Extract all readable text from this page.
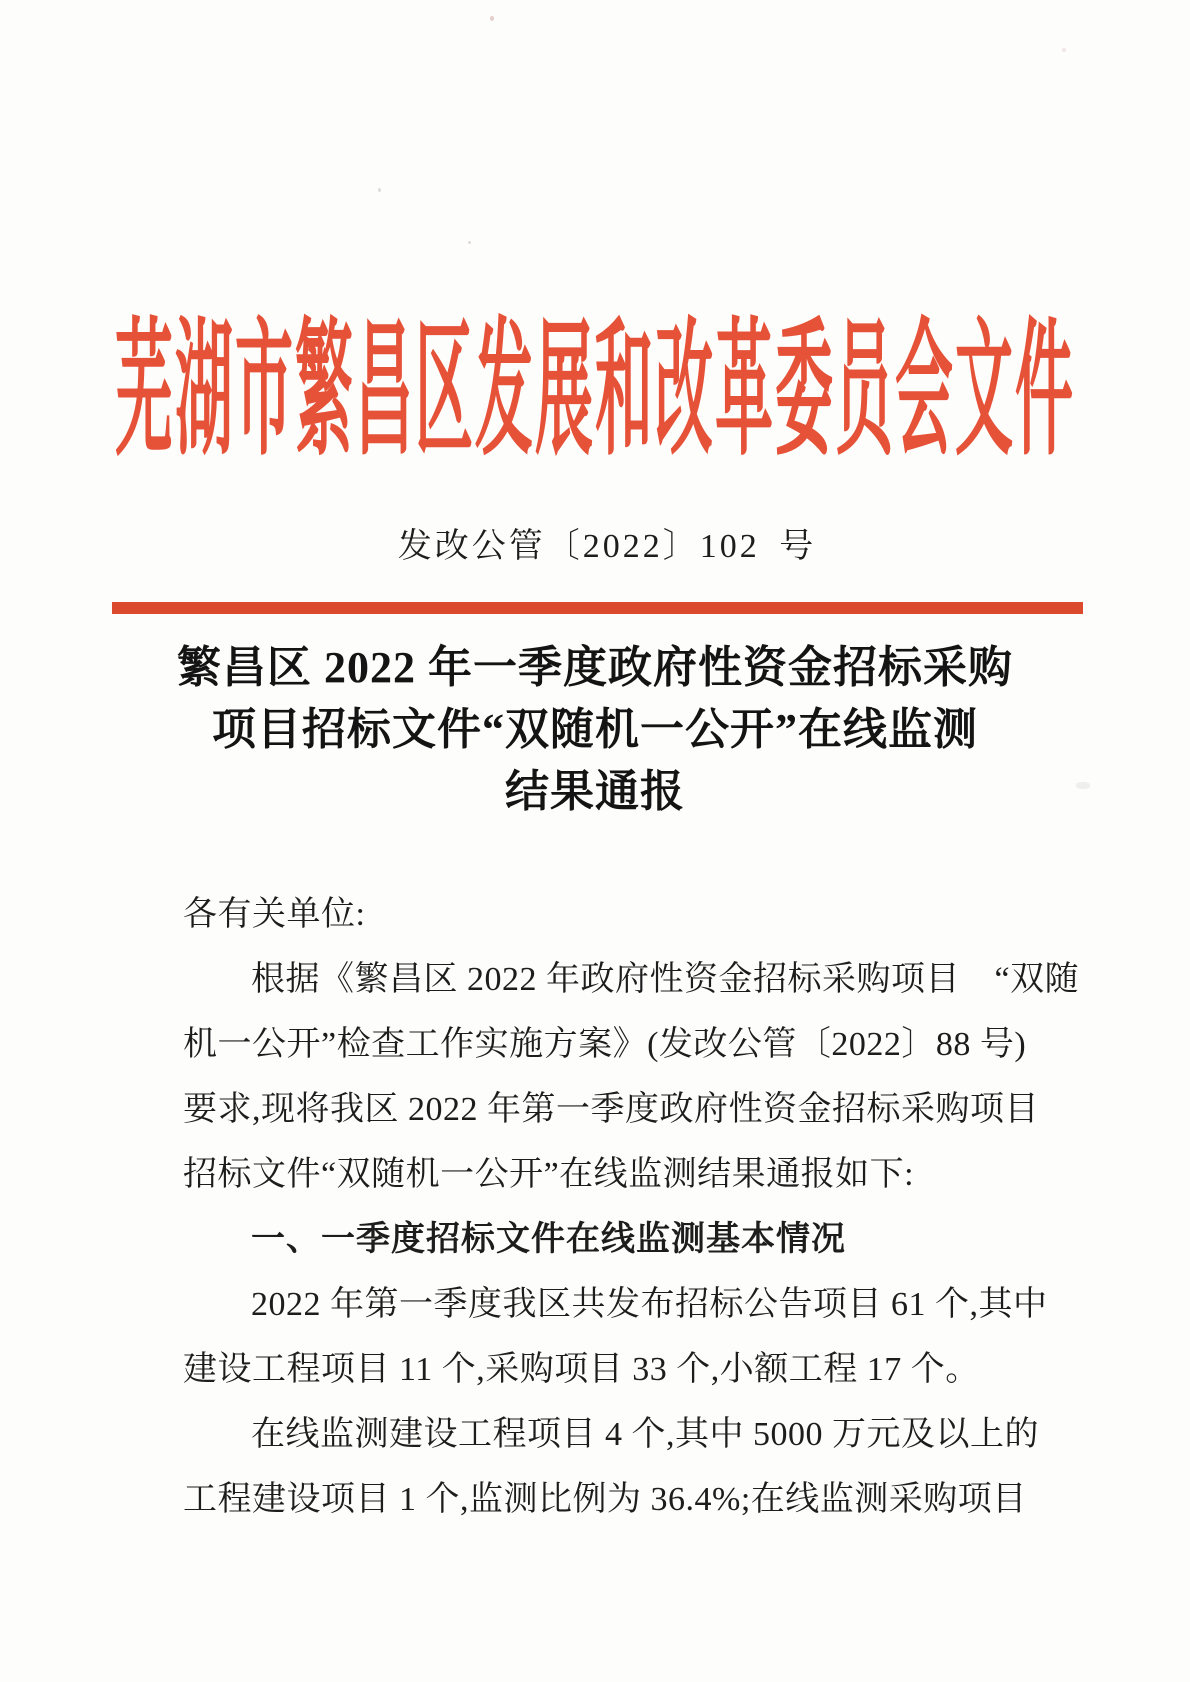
芜湖市繁昌区发展和改革委员会文件
发改公管〔2022〕102 号
繁昌区 2022 年一季度政府性资金招标采购
项目招标文件“双随机一公开”在线监测
结果通报
各有关单位:
根据《繁昌区 2022 年政府性资金招标采购项目　“双随
机一公开”检查工作实施方案》(发改公管〔2022〕88 号)
要求,现将我区 2022 年第一季度政府性资金招标采购项目
招标文件“双随机一公开”在线监测结果通报如下:
一、一季度招标文件在线监测基本情况
2022 年第一季度我区共发布招标公告项目 61 个,其中
建设工程项目 11 个,采购项目 33 个,小额工程 17 个。
在线监测建设工程项目 4 个,其中 5000 万元及以上的
工程建设项目 1 个,监测比例为 36.4%;在线监测采购项目
